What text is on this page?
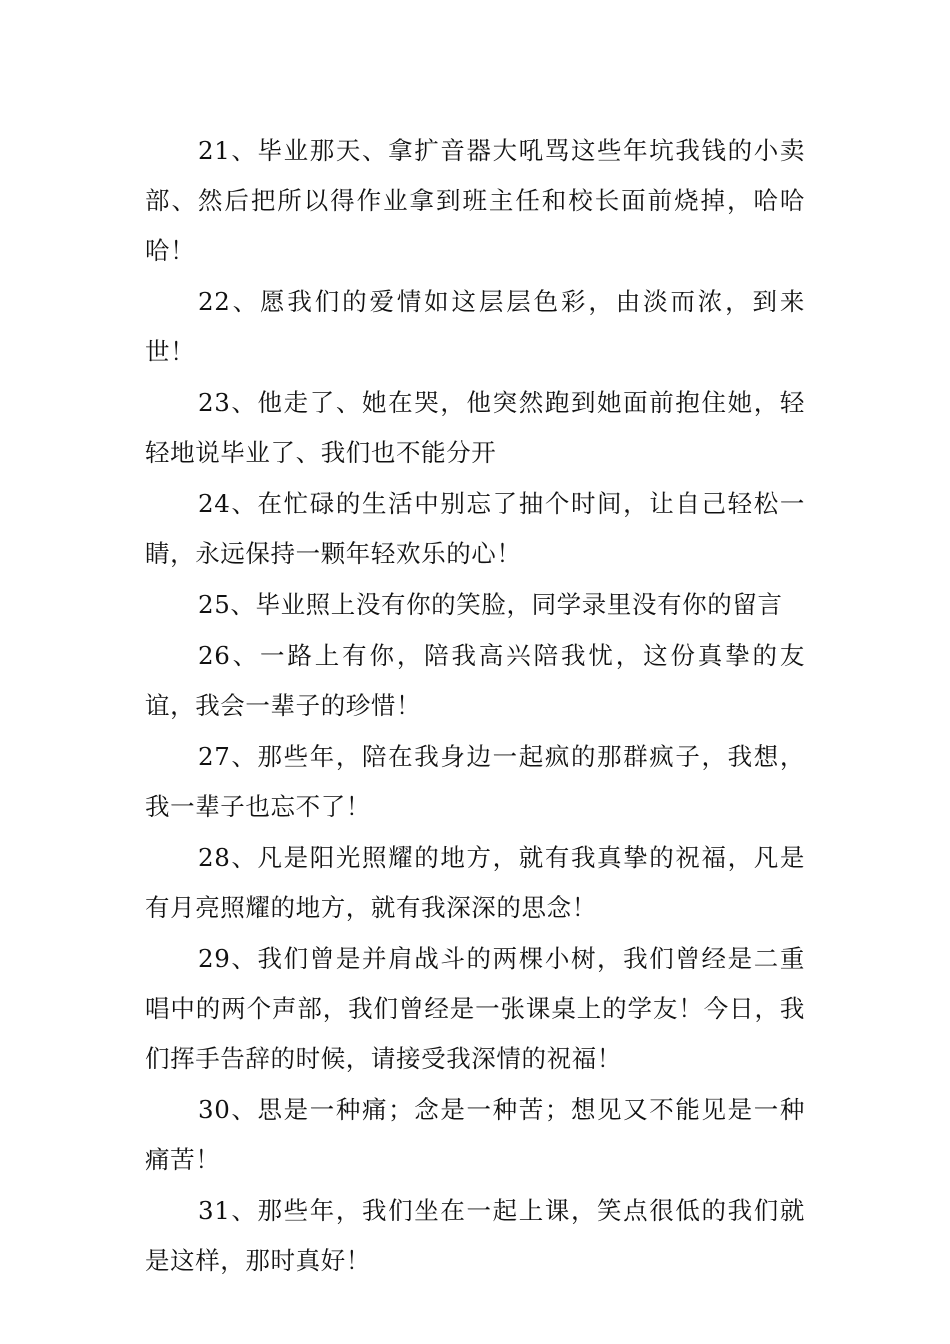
21、毕业那天、拿扩音器大吼骂这些年坑我钱的小卖部、然后把所以得作业拿到班主任和校长面前烧掉，哈哈哈！

22、愿我们的爱情如这层层色彩，由淡而浓，到来世！

23、他走了、她在哭，他突然跑到她面前抱住她，轻轻地说毕业了、我们也不能分开

24、在忙碌的生活中别忘了抽个时间，让自己轻松一睛，永远保持一颗年轻欢乐的心！

25、毕业照上没有你的笑脸，同学录里没有你的留言

26、一路上有你，陪我高兴陪我忧，这份真挚的友谊，我会一辈子的珍惜！

27、那些年，陪在我身边一起疯的那群疯子，我想，我一辈子也忘不了！

28、凡是阳光照耀的地方，就有我真挚的祝福，凡是有月亮照耀的地方，就有我深深的思念！

29、我们曾是并肩战斗的两棵小树，我们曾经是二重唱中的两个声部，我们曾经是一张课桌上的学友！今日，我们挥手告辞的时候，请接受我深情的祝福！

30、思是一种痛；念是一种苦；想见又不能见是一种痛苦！

31、那些年，我们坐在一起上课，笑点很低的我们就是这样，那时真好！
